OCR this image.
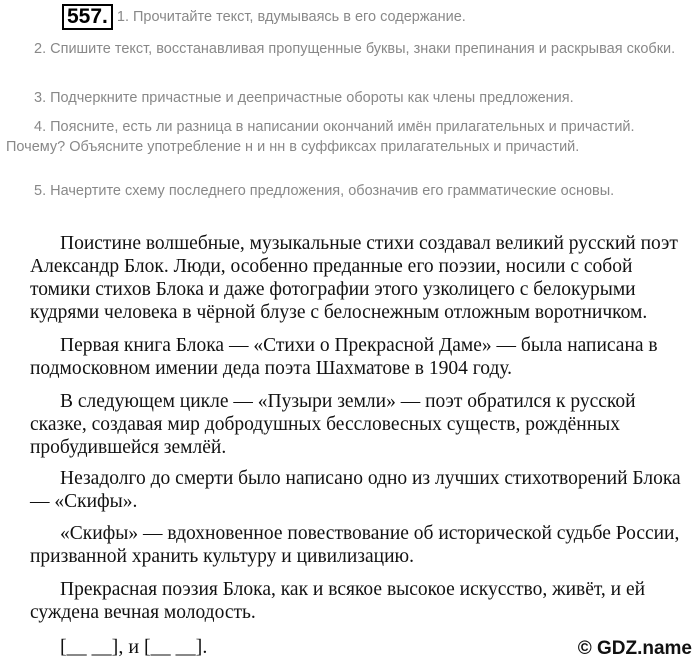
557. 1. Прочитайте текст, вдумываясь в его содержание.
2. Спишите текст, восстанавливая пропущенные буквы, знаки препинания и раскрывая скобки.
3. Подчеркните причастные и деепричастные обороты как члены предложения.
4. Поясните, есть ли разница в написании окончаний имён прилагательных и причастий. Почему? Объясните употребление н и нн в суффиксах прилагательных и причастий.
5. Начертите схему последнего предложения, обозначив его грамматические основы.
Поистине волшебные, музыкальные стихи создавал великий русский поэт Александр Блок. Люди, особенно преданные его поэзии, носили с собой томики стихов Блока и даже фотографии этого узколицего с белокурыми кудрями человека в чёрной блузе с белоснежным отложным воротничком.
Первая книга Блока — «Стихи о Прекрасной Даме» — была написана в подмосковном имении деда поэта Шахматове в 1904 году.
В следующем цикле — «Пузыри земли» — поэт обратился к русской сказке, создавая мир добродушных бессловесных существ, рождённых пробудившейся землёй.
Незадолго до смерти было написано одно из лучших стихотворений Блока — «Скифы».
«Скифы» — вдохновенное повествование об исторической судьбе России, призванной хранить культуру и цивилизацию.
Прекрасная поэзия Блока, как и всякое высокое искусство, живёт, и ей суждена вечная молодость.
[__ __], и [__ __].	© GDZ.name
